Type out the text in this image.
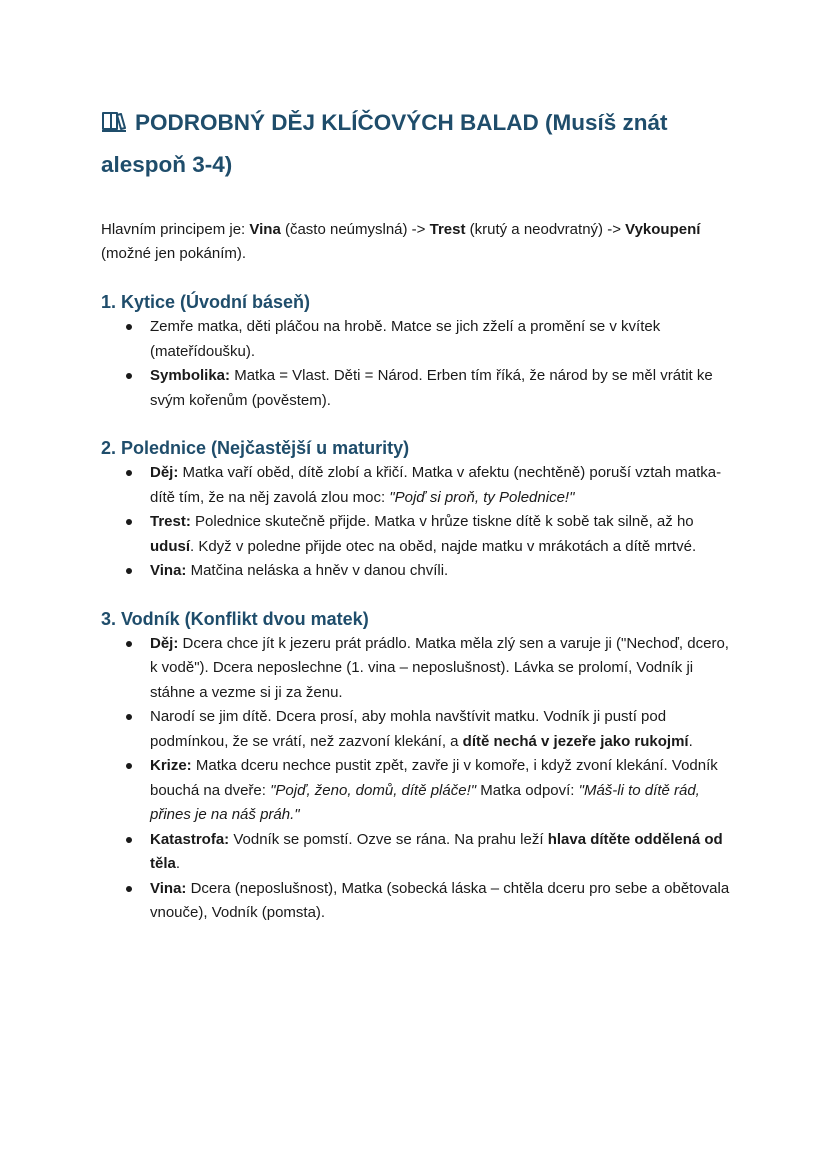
PODROBNÝ DĚJ KLÍČOVÝCH BALAD (Musíš znát alespoň 3-4)

Hlavním principem je: Vina (často neúmyslná) -> Trest (krutý a neodvratný) -> Vykoupení (možné jen pokáním).

1. Kytice (Úvodní báseň)
Zemře matka, děti pláčou na hrobě. Matce se jich zželí a promění se v kvítek (mateřídoušku).
Symbolika: Matka = Vlast. Děti = Národ. Erben tím říká, že národ by se měl vrátit ke svým kořenům (pověstem).
2. Polednice (Nejčastější u maturity)
Děj: Matka vaří oběd, dítě zlobí a křičí. Matka v afektu (nechtěně) poruší vztah matka-dítě tím, že na něj zavolá zlou moc: "Pojď si proň, ty Polednice!"
Trest: Polednice skutečně přijde. Matka v hrůze tiskne dítě k sobě tak silně, až ho udusí. Když v poledne přijde otec na oběd, najde matku v mrákotách a dítě mrtvé.
Vina: Matčina neláska a hněv v danou chvíli.
3. Vodník (Konflikt dvou matek)
Děj: Dcera chce jít k jezeru prát prádlo. Matka měla zlý sen a varuje ji ("Nechoď, dcero, k vodě"). Dcera neposlechne (1. vina – neposlušnost). Lávka se prolomí, Vodník ji stáhne a vezme si ji za ženu.
Narodí se jim dítě. Dcera prosí, aby mohla navštívit matku. Vodník ji pustí pod podmínkou, že se vrátí, než zazvoní klekání, a dítě nechá v jezeře jako rukojmí.
Krize: Matka dceru nechce pustit zpět, zavře ji v komoře, i když zvoní klekání. Vodník bouchá na dveře: "Pojď, ženo, domů, dítě pláče!" Matka odpoví: "Máš-li to dítě rád, přines je na náš práh."
Katastrofa: Vodník se pomstí. Ozve se rána. Na prahu leží hlava dítěte oddělená od těla.
Vina: Dcera (neposlušnost), Matka (sobecká láska – chtěla dceru pro sebe a obětovala vnouče), Vodník (pomsta).
